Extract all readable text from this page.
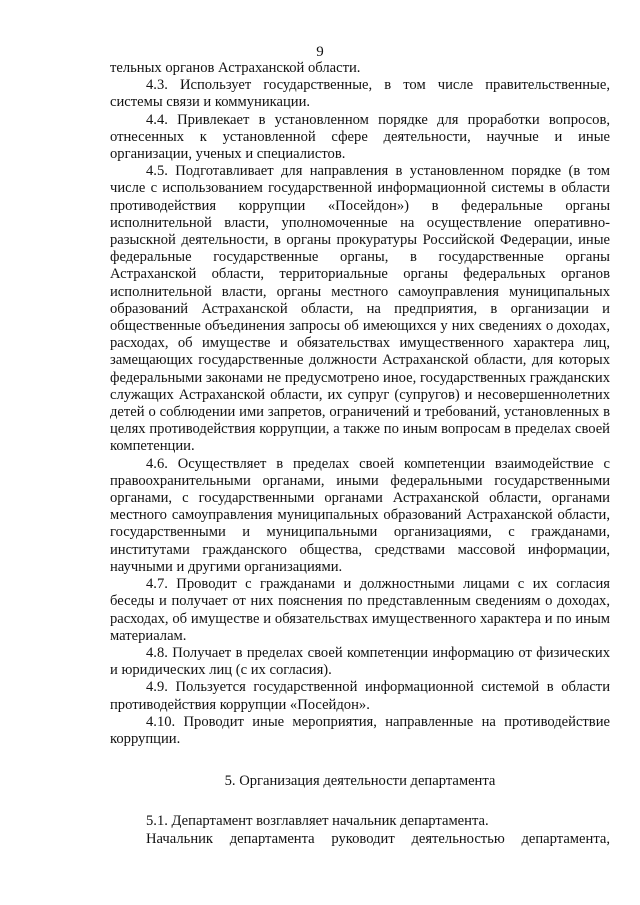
9

тельных органов Астраханской области.

4.3. Использует государственные, в том числе правительственные, системы связи и коммуникации.

4.4. Привлекает в установленном порядке для проработки вопросов, отнесенных к установленной сфере деятельности, научные и иные организации, ученых и специалистов.

4.5. Подготавливает для направления в установленном порядке (в том числе с использованием государственной информационной системы в области противодействия коррупции «Посейдон») в федеральные органы исполнительной власти, уполномоченные на осуществление оперативно-разыскной деятельности, в органы прокуратуры Российской Федерации, иные федеральные государственные органы, в государственные органы Астраханской области, территориальные органы федеральных органов исполнительной власти, органы местного самоуправления муниципальных образований Астраханской области, на предприятия, в организации и общественные объединения запросы об имеющихся у них сведениях о доходах, расходах, об имуществе и обязательствах имущественного характера лиц, замещающих государственные должности Астраханской области, для которых федеральными законами не предусмотрено иное, государственных гражданских служащих Астраханской области, их супруг (супругов) и несовершеннолетних детей о соблюдении ими запретов, ограничений и требований, установленных в целях противодействия коррупции, а также по иным вопросам в пределах своей компетенции.

4.6. Осуществляет в пределах своей компетенции взаимодействие с правоохранительными органами, иными федеральными государственными органами, с государственными органами Астраханской области, органами местного самоуправления муниципальных образований Астраханской области, государственными и муниципальными организациями, с гражданами, институтами гражданского общества, средствами массовой информации, научными и другими организациями.

4.7. Проводит с гражданами и должностными лицами с их согласия беседы и получает от них пояснения по представленным сведениям о доходах, расходах, об имуществе и обязательствах имущественного характера и по иным материалам.

4.8. Получает в пределах своей компетенции информацию от физических и юридических лиц (с их согласия).

4.9. Пользуется государственной информационной системой в области противодействия коррупции «Посейдон».

4.10. Проводит иные мероприятия, направленные на противодействие коррупции.

5. Организация деятельности департамента

5.1. Департамент возглавляет начальник департамента.

Начальник департамента руководит деятельностью департамента,
